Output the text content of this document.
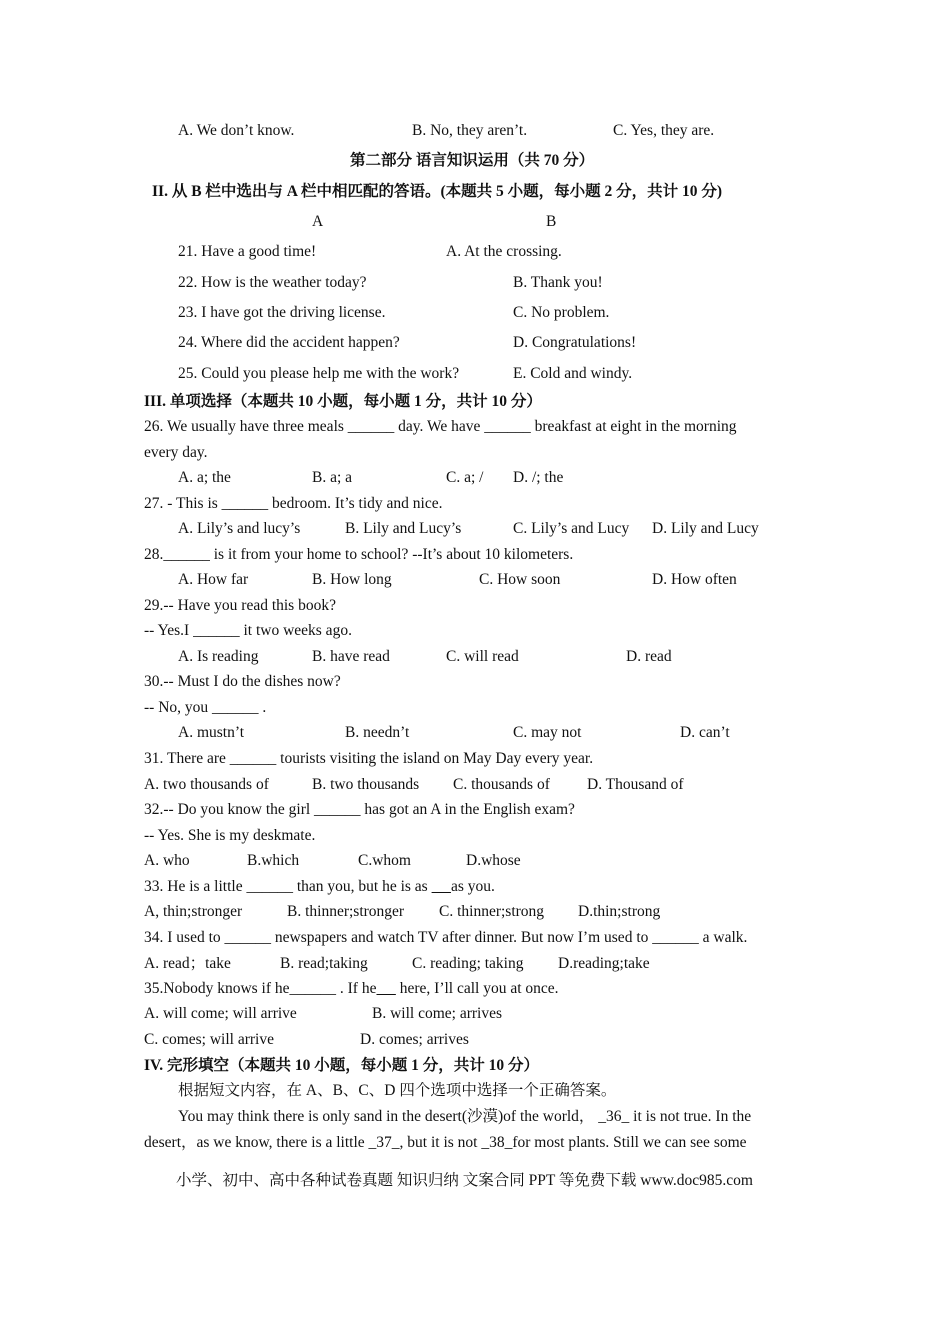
A. We don’t know.	B. No, they aren’t.	C. Yes, they are.
第二部分 语言知识运用（共 70 分）
II. 从 B 栏中选出与 A 栏中相匹配的答语。(本题共 5 小题，每小题 2 分，共计 10 分)
A	B
21. Have a good time!	A. At the crossing.
22. How is the weather today?	B. Thank you!
23. I have got the driving license.	C. No problem.
24. Where did the accident happen?	D. Congratulations!
25. Could you please help me with the work?	E. Cold and windy.
III. 单项选择（本题共 10 小题，每小题 1 分，共计 10 分）
26. We usually have three meals ______ day. We have ______ breakfast at eight in the morning
every day.
A. a; the	B. a; a	C. a; / D. /; the
27. - This is ______ bedroom. It’s tidy and nice.
A. Lily’s and lucy’s	B. Lily and Lucy’s	C. Lily’s and Lucy D. Lily and Lucy
28.______ is it from your home to school? --It’s about 10 kilometers.
A. How far	B. How long	C. How soon	D. How often
29.-- Have you read this book?
-- Yes.I ______ it two weeks ago.
A. Is reading	B. have read	C. will read	D. read
30.-- Must I do the dishes now?
-- No, you ______ .
A. mustn’t	B. needn’t	C. may not	D. can’t
31. There are ______ tourists visiting the island on May Day every year.
A. two thousands of	B. two thousands C. thousands of D. Thousand of
32.-- Do you know the girl ______ has got an A in the English exam?
-- Yes. She is my deskmate.
A. who	B.which	C.whom	D.whose
33. He is a little ______ than you, but he is as      as you.
A, thin;stronger	B. thinner;stronger C. thinner;strong D.thin;strong
34. I used to ______ newspapers and watch TV after dinner. But now I’m used to ______ a walk.
A. read；take	B. read;taking	C. reading; taking D.reading;take
35.Nobody knows if he______ . If he      here, I’ll call you at once.
A. will come; will arrive	B. will come; arrives
C. comes; will arrive	D. comes; arrives
IV. 完形填空（本题共 10 小题，每小题 1 分，共计 10 分）
根据短文内容，在 A、B、C、D 四个选项中选择一个正确答案。
You may think there is only sand in the desert(沙漠)of the world， _36_ it is not true. In the
desert，as we know, there is a little _37_, but it is not _38_for most plants. Still we can see some
小学、初中、高中各种试卷真题 知识归纳 文案合同 PPT 等免费下载 www.doc985.com
